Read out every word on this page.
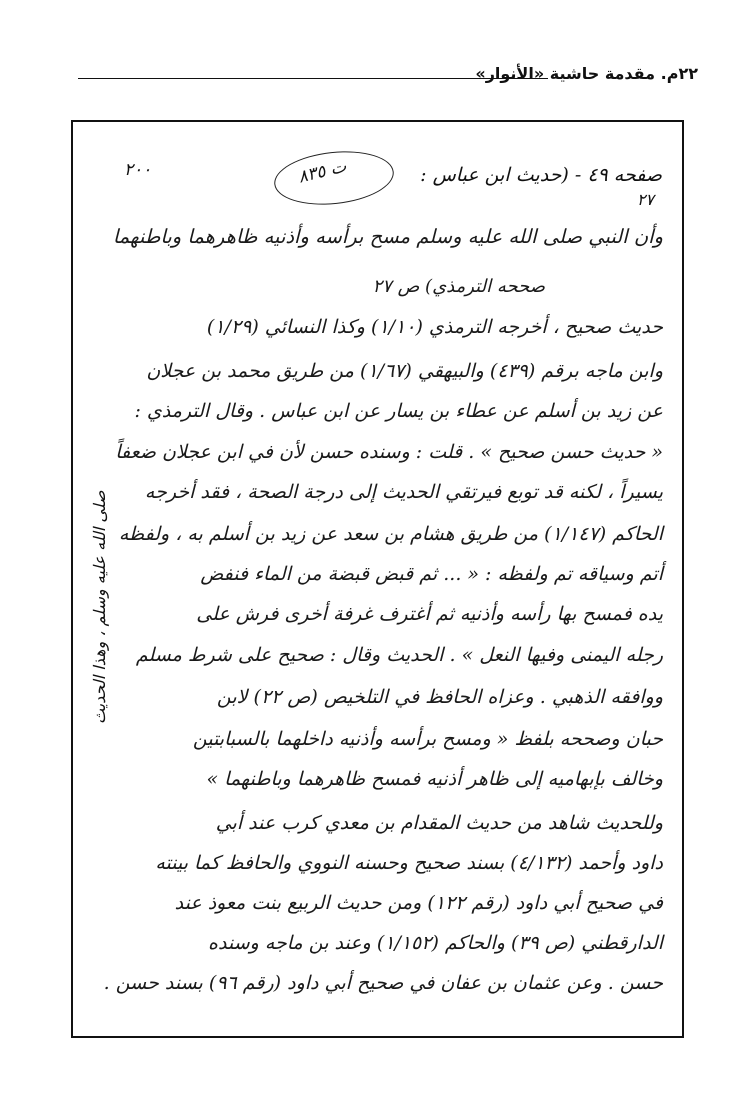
٢٢م. مقدمة حاشية «الأنوار»
٢٠٠	ت ٨٣٥	صفحه ٤٩ - (حديث ابن عباس :
٢٧
وأن النبي صلى الله عليه وسلم مسح برأسه وأذنيه ظاهرهما وباطنهما
صححه الترمذي) ص ٢٧
حديث صحيح ، أخرجه الترمذي (١/١٠) وكذا النسائي (١/٢٩)
وابن ماجه برقم (٤٣٩) والبيهقي (١/٦٧) من طريق محمد بن عجلان
عن زيد بن أسلم عن عطاء بن يسار عن ابن عباس . وقال الترمذي :
« حديث حسن صحيح » . قلت : وسنده حسن لأن في ابن عجلان ضعفاً
يسيراً ، لكنه قد توبع فيرتقي الحديث إلى درجة الصحة ، فقد أخرجه
الحاكم (١/١٤٧) من طريق هشام بن سعد عن زيد بن أسلم به ، ولفظه
أتم وسياقه تم ولفظه : « ... ثم قبض قبضة من الماء فنفض
يده فمسح بها رأسه وأذنيه ثم أغترف غرفة أخرى فرش على
رجله اليمنى وفيها النعل » . الحديث وقال : صحيح على شرط مسلم
ووافقه الذهبي . وعزاه الحافظ في التلخيص (ص ٢٢) لابن
حبان وصححه بلفظ « ومسح برأسه وأذنيه داخلهما بالسبابتين
وخالف بإبهاميه إلى ظاهر أذنيه فمسح ظاهرهما وباطنهما »
وللحديث شاهد من حديث المقدام بن معدي كرب عند أبي
داود وأحمد (٤/١٣٢) بسند صحيح وحسنه النووي والحافظ كما بينته
في صحيح أبي داود (رقم ١٢٢) ومن حديث الربيع بنت معوذ عند
الدارقطني (ص ٣٩) والحاكم (١/١٥٢) وعند بن ماجه وسنده
حسن . وعن عثمان بن عفان في صحيح أبي داود (رقم ٩٦) بسند حسن .
صلى الله عليه وسلم ، وهذا الحديث
